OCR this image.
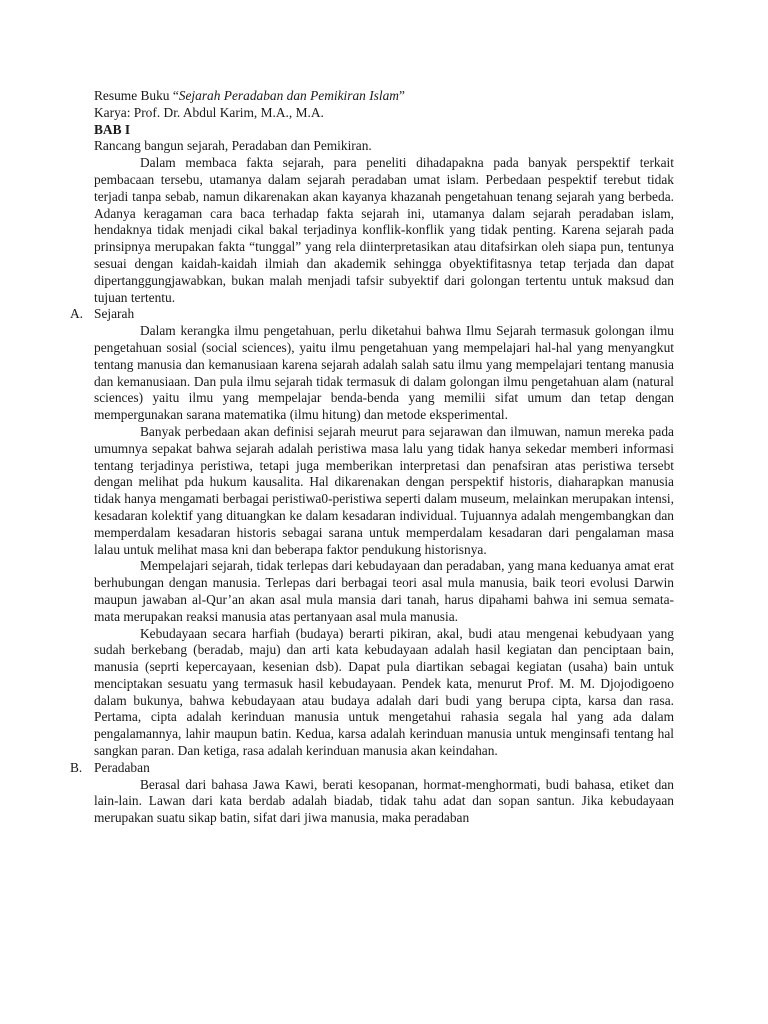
Resume Buku “Sejarah Peradaban dan Pemikiran Islam”
Karya: Prof. Dr. Abdul Karim, M.A., M.A.
BAB I
Rancang bangun sejarah, Peradaban dan Pemikiran.

Dalam membaca fakta sejarah, para peneliti dihadapakna pada banyak perspektif terkait pembacaan tersebu, utamanya dalam sejarah peradaban umat islam. Perbedaan pespektif terebut tidak terjadi tanpa sebab, namun dikarenakan akan kayanya khazanah pengetahuan tenang sejarah yang berbeda. Adanya keragaman cara baca terhadap fakta sejarah ini, utamanya dalam sejarah peradaban islam, hendaknya tidak menjadi cikal bakal terjadinya konflik-konflik yang tidak penting. Karena sejarah pada prinsipnya merupakan fakta “tunggal” yang rela diinterpretasikan atau ditafsirkan oleh siapa pun, tentunya sesuai dengan kaidah-kaidah ilmiah dan akademik sehingga obyektifitasnya tetap terjada dan dapat dipertanggungjawabkan, bukan malah menjadi tafsir subyektif dari golongan tertentu untuk maksud dan tujuan tertentu.

A. Sejarah

Dalam kerangka ilmu pengetahuan, perlu diketahui bahwa Ilmu Sejarah termasuk golongan ilmu pengetahuan sosial (social sciences), yaitu ilmu pengetahuan yang mempelajari hal-hal yang menyangkut tentang manusia dan kemanusiaan karena sejarah adalah salah satu ilmu yang mempelajari tentang manusia dan kemanusiaan. Dan pula ilmu sejarah tidak termasuk di dalam golongan ilmu pengetahuan alam (natural sciences) yaitu ilmu yang mempelajar benda-benda yang memilii sifat umum dan tetap dengan mempergunakan sarana matematika (ilmu hitung) dan metode eksperimental.

Banyak perbedaan akan definisi sejarah meurut para sejarawan dan ilmuwan, namun mereka pada umumnya sepakat bahwa sejarah adalah peristiwa masa lalu yang tidak hanya sekedar memberi informasi tentang terjadinya peristiwa, tetapi juga memberikan interpretasi dan penafsiran atas peristiwa tersebt dengan melihat pda hukum kausalita. Hal dikarenakan dengan perspektif historis, diaharapkan manusia tidak hanya mengamati berbagai peristiwa0-peristiwa seperti dalam museum, melainkan merupakan intensi, kesadaran kolektif yang dituangkan ke dalam kesadaran individual. Tujuannya adalah mengembangkan dan memperdalam kesadaran historis sebagai sarana untuk memperdalam kesadaran dari pengalaman masa lalau untuk melihat masa kni dan beberapa faktor pendukung historisnya.

Mempelajari sejarah, tidak terlepas dari kebudayaan dan peradaban, yang mana keduanya amat erat berhubungan dengan manusia. Terlepas dari berbagai teori asal mula manusia, baik teori evolusi Darwin maupun jawaban al-Qur’an akan asal mula mansia dari tanah, harus dipahami bahwa ini semua semata-mata merupakan reaksi manusia atas pertanyaan asal mula manusia.

Kebudayaan secara harfiah (budaya) berarti pikiran, akal, budi atau mengenai kebudyaan yang sudah berkebang (beradab, maju) dan arti kata kebudayaan adalah hasil kegiatan dan penciptaan bain, manusia (seprti kepercayaan, kesenian dsb). Dapat pula diartikan sebagai kegiatan (usaha) bain untuk menciptakan sesuatu yang termasuk hasil kebudayaan. Pendek kata, menurut Prof. M. M. Djojodigoeno dalam bukunya, bahwa kebudayaan atau budaya adalah dari budi yang berupa cipta, karsa dan rasa. Pertama, cipta adalah kerinduan manusia untuk mengetahui rahasia segala hal yang ada dalam pengalamannya, lahir maupun batin. Kedua, karsa adalah kerinduan manusia untuk menginsafi tentang hal sangkan paran. Dan ketiga, rasa adalah kerinduan manusia akan keindahan.

B. Peradaban

Berasal dari bahasa Jawa Kawi, berati kesopanan, hormat-menghormati, budi bahasa, etiket dan lain-lain. Lawan dari kata berdab adalah biadab, tidak tahu adat dan sopan santun. Jika kebudayaan merupakan suatu sikap batin, sifat dari jiwa manusia, maka peradaban
